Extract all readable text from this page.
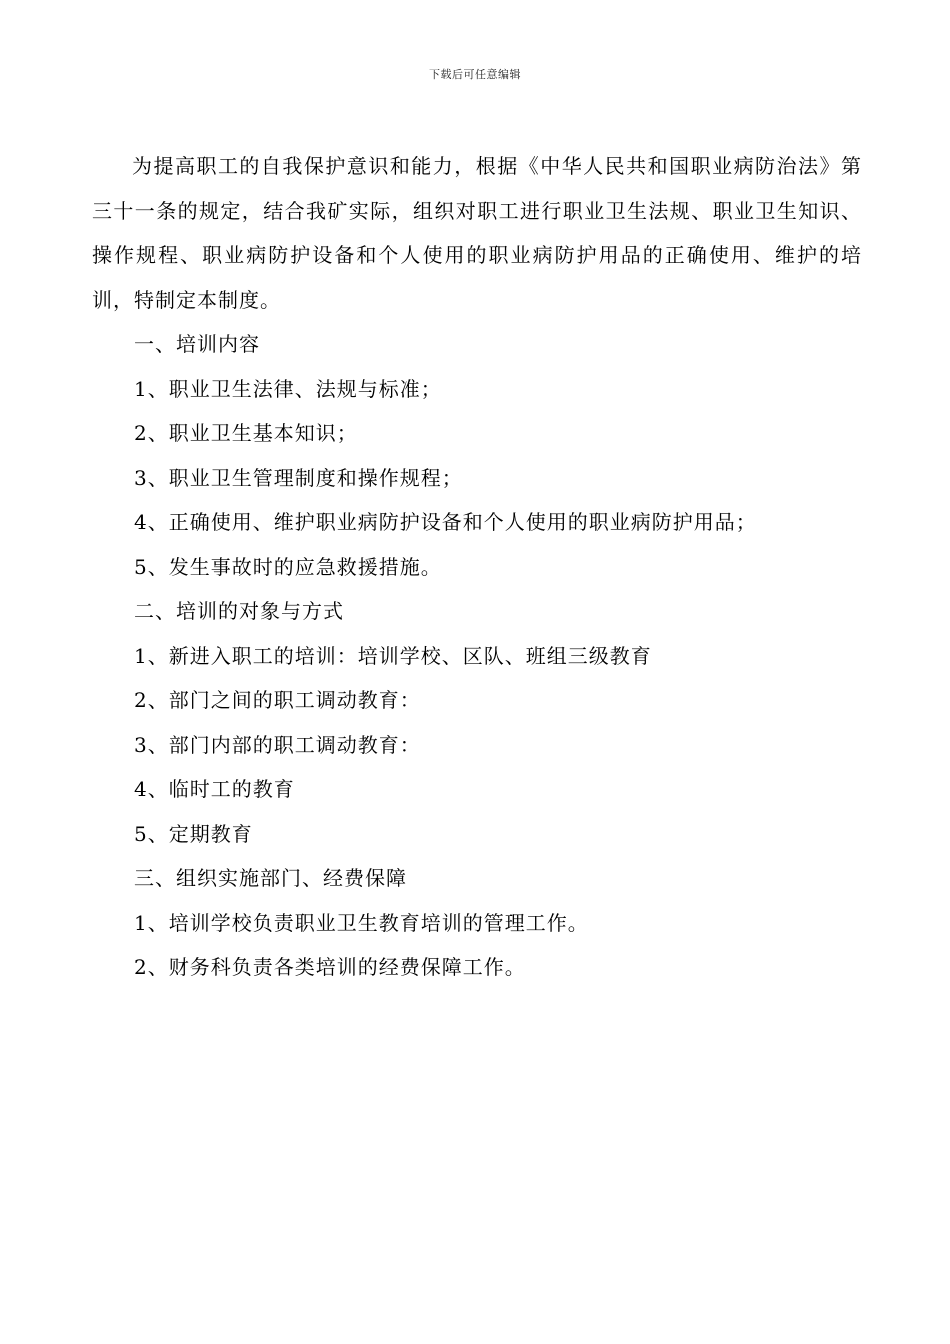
下载后可任意编辑

为提高职工的自我保护意识和能力，根据《中华人民共和国职业病防治法》第三十一条的规定，结合我矿实际，组织对职工进行职业卫生法规、职业卫生知识、操作规程、职业病防护设备和个人使用的职业病防护用品的正确使用、维护的培训，特制定本制度。

一、培训内容

1、职业卫生法律、法规与标准；

2、职业卫生基本知识；

3、职业卫生管理制度和操作规程；

4、正确使用、维护职业病防护设备和个人使用的职业病防护用品；

5、发生事故时的应急救援措施。

二、培训的对象与方式

1、新进入职工的培训：培训学校、区队、班组三级教育

2、部门之间的职工调动教育：

3、部门内部的职工调动教育：

4、临时工的教育

5、定期教育

三、组织实施部门、经费保障

1、培训学校负责职业卫生教育培训的管理工作。

2、财务科负责各类培训的经费保障工作。
